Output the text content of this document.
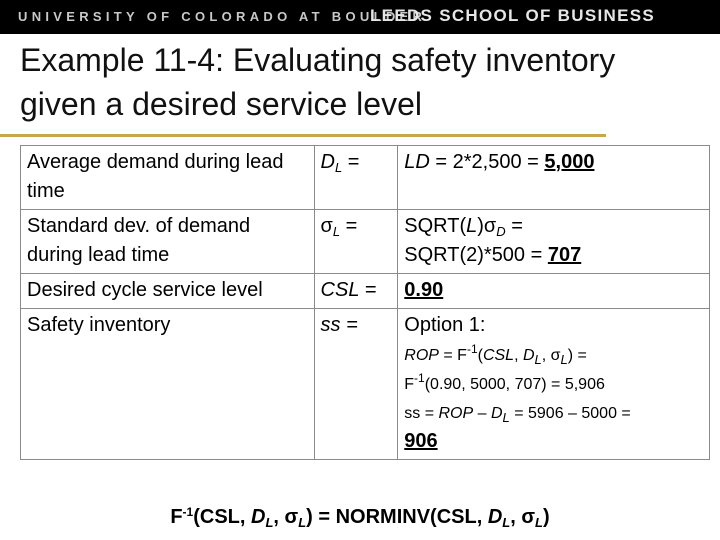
UNIVERSITY OF COLORADO AT BOULDER
LEEDS SCHOOL OF BUSINESS
Example 11-4: Evaluating safety inventory given a desired service level
Average demand during lead time	$D_L$ =	LD = 2*2,500 = 5,000
Standard dev. of demand during lead time	$\sigma_L$ =	$SQRT(L)\sigma_D$ =
SQRT(2)*500 = 707
Desired cycle service level	CSL =	0.90
Safety inventory	ss =	Option 1:
ROP = $F^{-1}(CSL$, $D_L$, $\sigma_L$) =
$F^{-1}(0.90$, 5000, 707) = 5,906
ss = ROP – $D_L = 5906 - 5000$ =
906
$F^{-1}(CSL$, $D_L$, $\sigma_L$) = NORMINV(CSL, $D_L$, $\sigma_L$)
